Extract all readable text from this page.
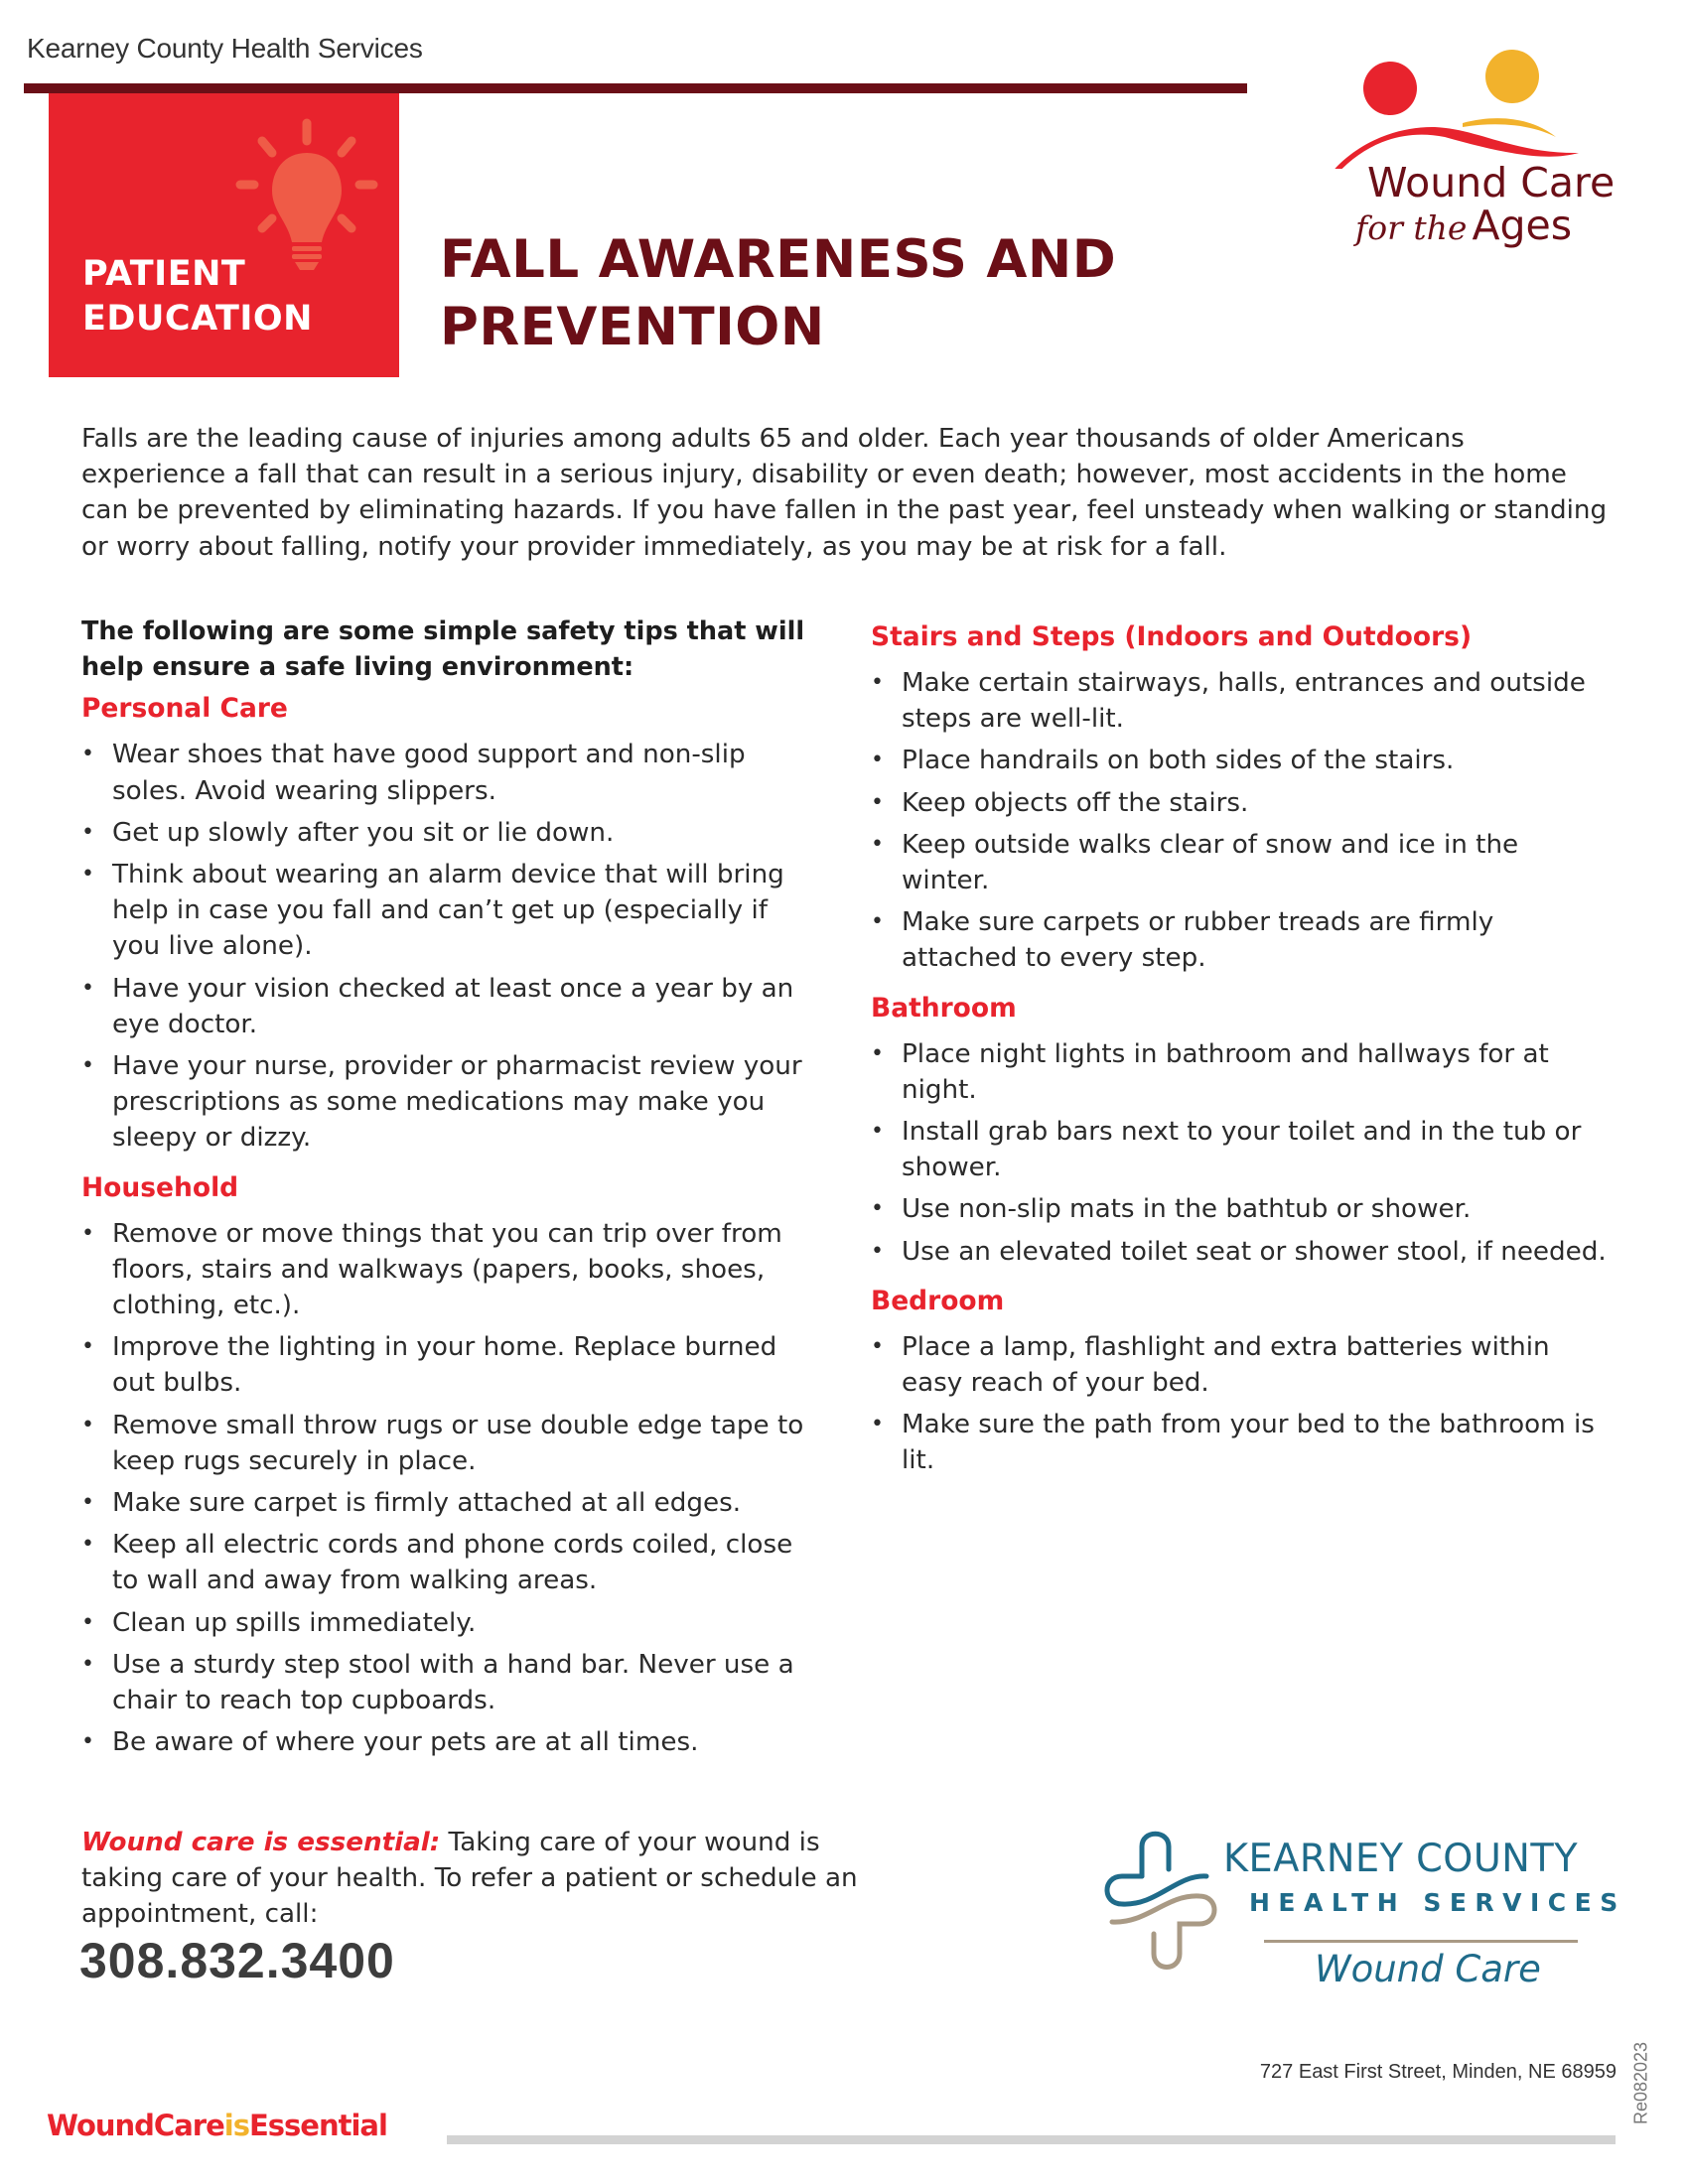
Kearney County Health Services
PATIENT
EDUCATION
FALL AWARENESS AND
PREVENTION
Wound Care
for the Ages

Falls are the leading cause of injuries among adults 65 and older. Each year thousands of older Americans experience a fall that can result in a serious injury, disability or even death; however, most accidents in the home can be prevented by eliminating hazards. If you have fallen in the past year, feel unsteady when walking or standing or worry about falling, notify your provider immediately, as you may be at risk for a fall.

The following are some simple safety tips that will help ensure a safe living environment:
Personal Care
• Wear shoes that have good support and non-slip soles. Avoid wearing slippers.
• Get up slowly after you sit or lie down.
• Think about wearing an alarm device that will bring help in case you fall and can’t get up (especially if you live alone).
• Have your vision checked at least once a year by an eye doctor.
• Have your nurse, provider or pharmacist review your prescriptions as some medications may make you sleepy or dizzy.
Household
• Remove or move things that you can trip over from floors, stairs and walkways (papers, books, shoes, clothing, etc.).
• Improve the lighting in your home. Replace burned out bulbs.
• Remove small throw rugs or use double edge tape to keep rugs securely in place.
• Make sure carpet is firmly attached at all edges.
• Keep all electric cords and phone cords coiled, close to wall and away from walking areas.
• Clean up spills immediately.
• Use a sturdy step stool with a hand bar. Never use a chair to reach top cupboards.
• Be aware of where your pets are at all times.
Stairs and Steps (Indoors and Outdoors)
• Make certain stairways, halls, entrances and outside steps are well-lit.
• Place handrails on both sides of the stairs.
• Keep objects off the stairs.
• Keep outside walks clear of snow and ice in the winter.
• Make sure carpets or rubber treads are firmly attached to every step.
Bathroom
• Place night lights in bathroom and hallways for at night.
• Install grab bars next to your toilet and in the tub or shower.
• Use non-slip mats in the bathtub or shower.
• Use an elevated toilet seat or shower stool, if needed.
Bedroom
• Place a lamp, flashlight and extra batteries within easy reach of your bed.
• Make sure the path from your bed to the bathroom is lit.
Wound care is essential: Taking care of your wound is taking care of your health. To refer a patient or schedule an appointment, call:
308.832.3400
KEARNEY COUNTY
HEALTH SERVICES
Wound Care
727 East First Street, Minden, NE 68959 Re082023
WoundCareisEssential
